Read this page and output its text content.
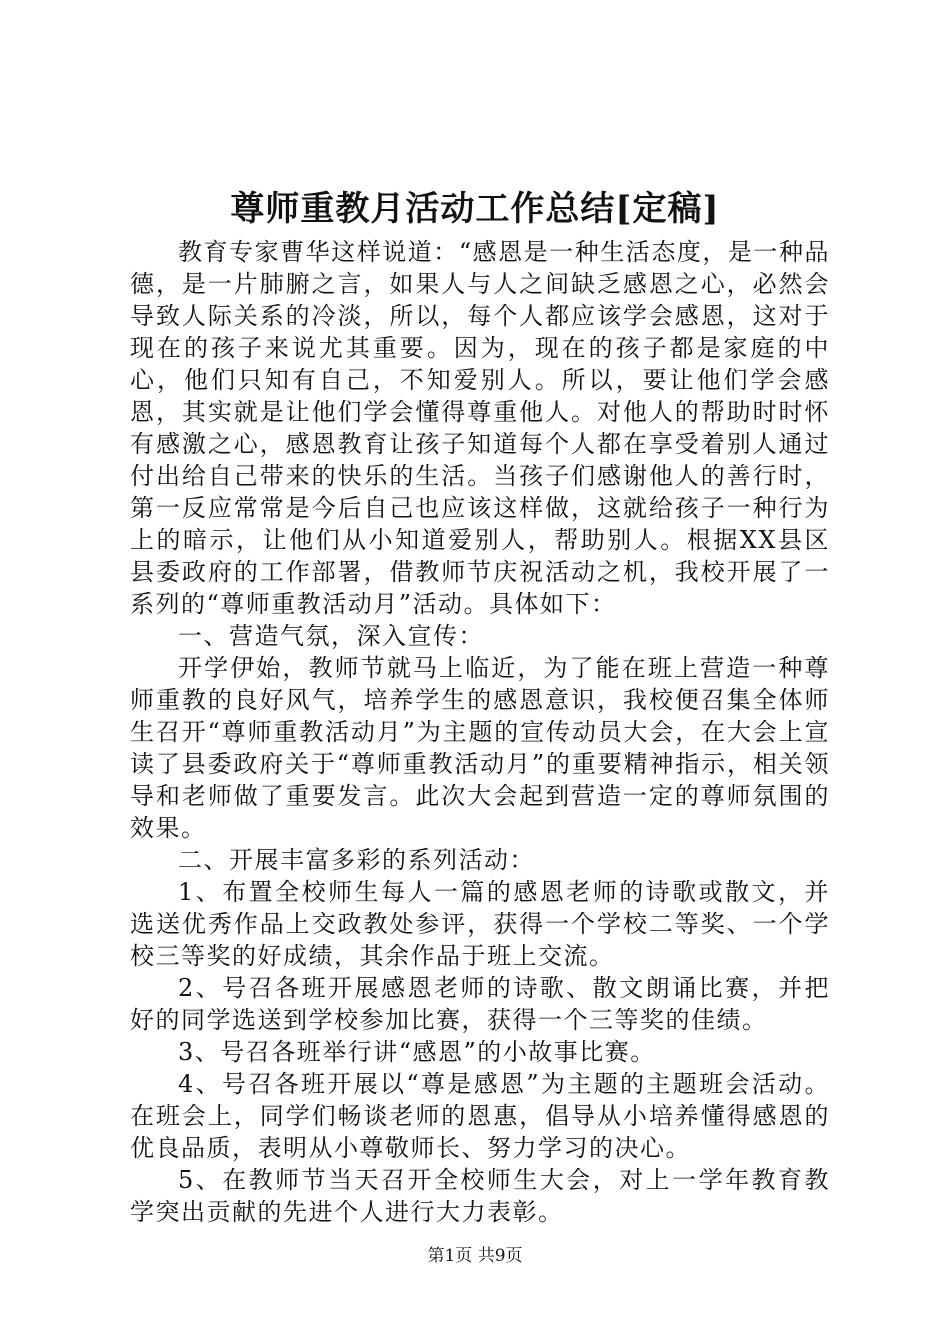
尊师重教月活动工作总结[定稿]

教育专家曹华这样说道：“感恩是一种生活态度，是一种品德，是一片肺腑之言，如果人与人之间缺乏感恩之心，必然会导致人际关系的冷淡，所以，每个人都应该学会感恩，这对于现在的孩子来说尤其重要。因为，现在的孩子都是家庭的中心，他们只知有自己，不知爱别人。所以，要让他们学会感恩，其实就是让他们学会懂得尊重他人。对他人的帮助时时怀有感激之心，感恩教育让孩子知道每个人都在享受着别人通过付出给自己带来的快乐的生活。当孩子们感谢他人的善行时，第一反应常常是今后自己也应该这样做，这就给孩子一种行为上的暗示，让他们从小知道爱别人，帮助别人。根据XX县区县委政府的工作部署，借教师节庆祝活动之机，我校开展了一系列的“尊师重教活动月”活动。具体如下：

一、营造气氛，深入宣传：

开学伊始，教师节就马上临近，为了能在班上营造一种尊师重教的良好风气，培养学生的感恩意识，我校便召集全体师生召开“尊师重教活动月”为主题的宣传动员大会，在大会上宣读了县委政府关于“尊师重教活动月”的重要精神指示，相关领导和老师做了重要发言。此次大会起到营造一定的尊师氛围的效果。

二、开展丰富多彩的系列活动：

1、布置全校师生每人一篇的感恩老师的诗歌或散文，并选送优秀作品上交政教处参评，获得一个学校二等奖、一个学校三等奖的好成绩，其余作品于班上交流。

2、号召各班开展感恩老师的诗歌、散文朗诵比赛，并把好的同学选送到学校参加比赛，获得一个三等奖的佳绩。

3、号召各班举行讲“感恩”的小故事比赛。

4、号召各班开展以“尊是感恩”为主题的主题班会活动。在班会上，同学们畅谈老师的恩惠，倡导从小培养懂得感恩的优良品质，表明从小尊敬师长、努力学习的决心。

5、在教师节当天召开全校师生大会，对上一学年教育教学突出贡献的先进个人进行大力表彰。

第1页 共9页
